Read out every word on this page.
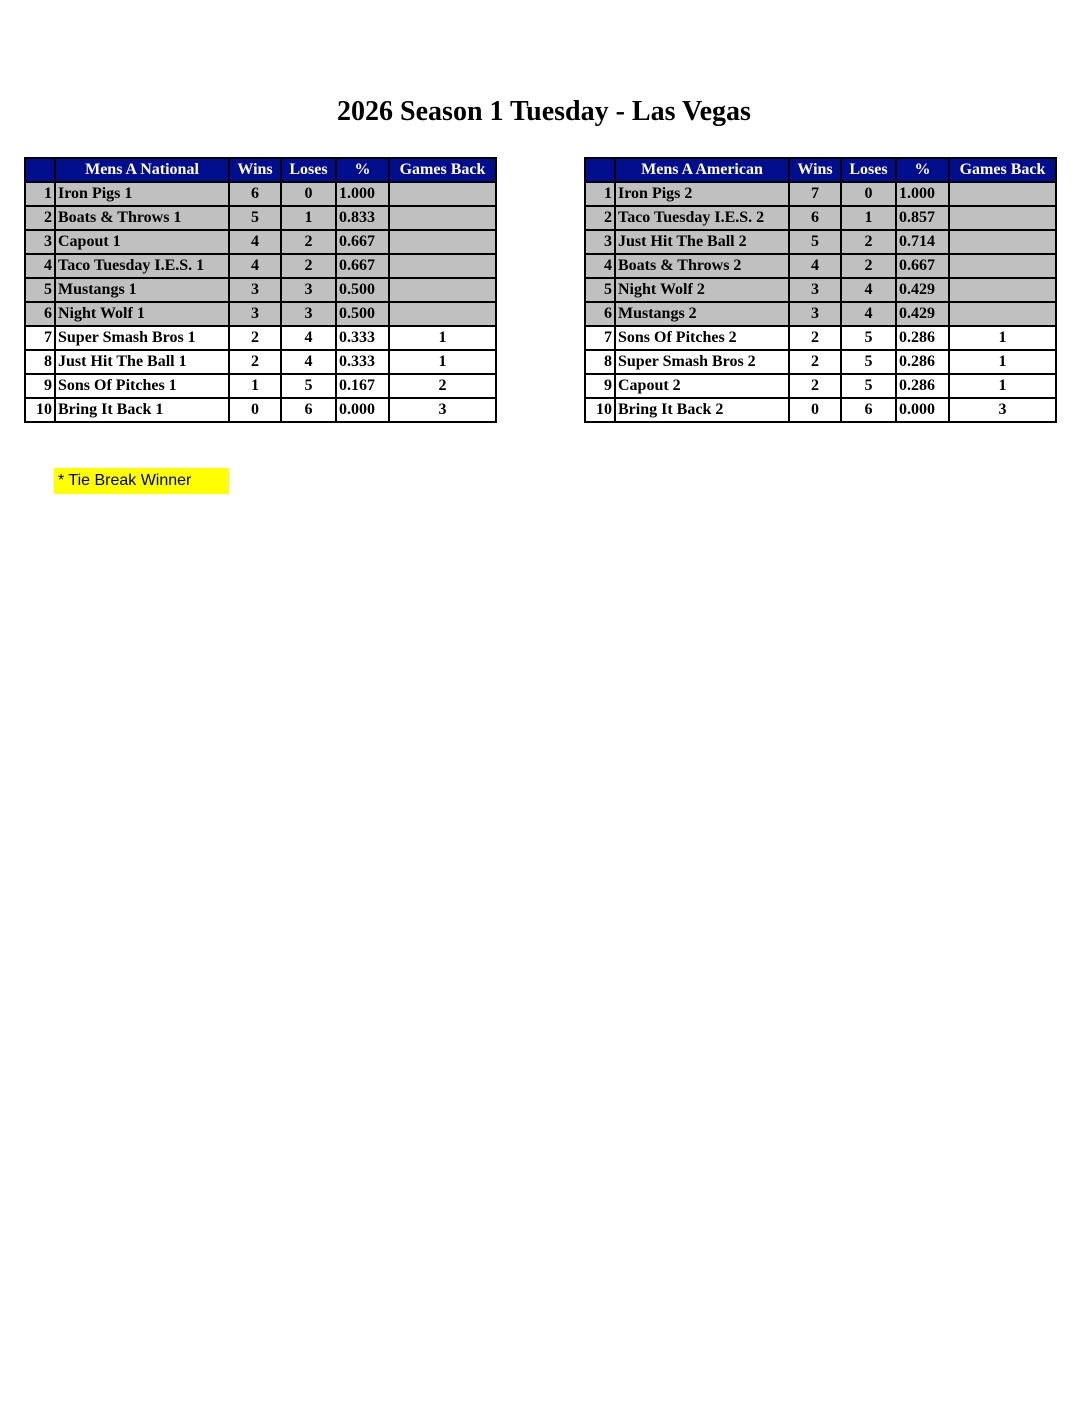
2026 Season 1 Tuesday - Las Vegas
	Mens A National	Wins	Loses	%	Games Back
1	Iron Pigs 1	6	0	1.000	
2	Boats & Throws 1	5	1	0.833	
3	Capout 1	4	2	0.667	
4	Taco Tuesday I.E.S. 1	4	2	0.667	
5	Mustangs 1	3	3	0.500	
6	Night Wolf 1	3	3	0.500	
7	Super Smash Bros 1	2	4	0.333	1
8	Just Hit The Ball 1	2	4	0.333	1
9	Sons Of Pitches 1	1	5	0.167	2
10	Bring It Back 1	0	6	0.000	3
	Mens A American	Wins	Loses	%	Games Back
1	Iron Pigs 2	7	0	1.000	
2	Taco Tuesday I.E.S. 2	6	1	0.857	
3	Just Hit The Ball 2	5	2	0.714	
4	Boats & Throws 2	4	2	0.667	
5	Night Wolf 2	3	4	0.429	
6	Mustangs 2	3	4	0.429	
7	Sons Of Pitches 2	2	5	0.286	1
8	Super Smash Bros 2	2	5	0.286	1
9	Capout 2	2	5	0.286	1
10	Bring It Back 2	0	6	0.000	3
* Tie Break Winner
